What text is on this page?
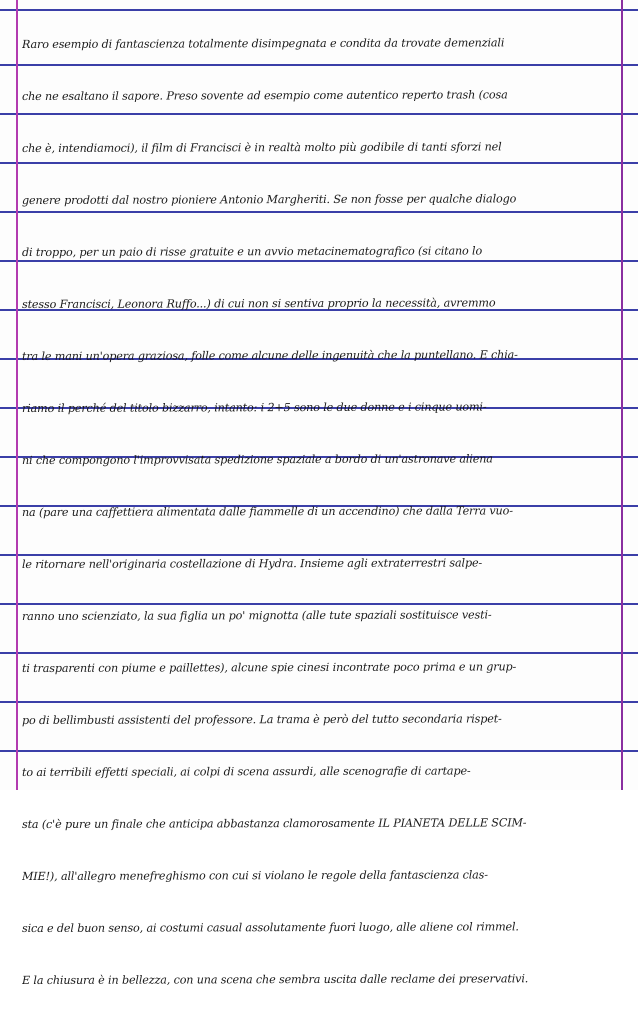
Raro esempio di fantascienza totalmente disimpegnata e condita da trovate demenziali
che ne esaltano il sapore. Preso sovente ad esempio come autentico reperto trash (cosa
che è, intendiamoci), il film di Francisci è in realtà molto più godibile di tanti sforzi nel
genere prodotti dal nostro pioniere Antonio Margheriti. Se non fosse per qualche dialogo
di troppo, per un paio di risse gratuite e un avvio metacinematografico (si citano lo
stesso Francisci, Leonora Ruffo...) di cui non si sentiva proprio la necessità, avremmo
tra le mani un'opera graziosa, folle come alcune delle ingenuità che la puntellano. E chia-
riamo il perché del titolo bizzarro, intanto: i 2+5 sono le due donne e i cinque uomi-
ni che compongono l'improvvisata spedizione spaziale a bordo di un'astronave aliena
na (pare una caffettiera alimentata dalle fiammelle di un accendino) che dalla Terra vuo-
le ritornare nell'originaria costellazione di Hydra. Insieme agli extraterrestri salpe-
ranno uno scienziato, la sua figlia un po' mignotta (alle tute spaziali sostituisce vesti-
ti trasparenti con piume e paillettes), alcune spie cinesi incontrate poco prima e un grup-
po di bellimbusti assistenti del professore. La trama è però del tutto secondaria rispet-
to ai terribili effetti speciali, ai colpi di scena assurdi, alle scenografie di cartape-
sta (c'è pure un finale che anticipa abbastanza clamorosamente IL PIANETA DELLE SCIM-
MIE!), all'allegro menefreghismo con cui si violano le regole della fantascienza clas-
sica e del buon senso, ai costumi casual assolutamente fuori luogo, alle aliene col rimmel.
E la chiusura è in bellezza, con una scena che sembra uscita dalle reclame dei preservativi.
